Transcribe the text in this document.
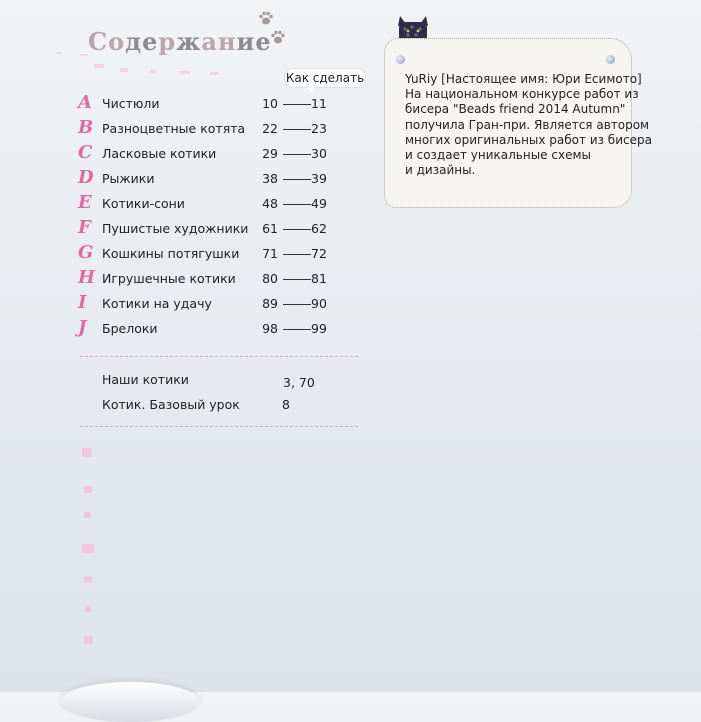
Содержание
Как сделать
A Чистюли	10	11
B Разноцветные котята	22	23
C Ласковые котики	29	30
D Рыжики	38	39
E Котики-сони	48	49
F Пушистые художники	61	62
G Кошкины потягушки	71	72
H Игрушечные котики	80	81
I	Котики на удачу	89	90
J	Брелоки	98	99
Наши котики	3, 70
Котик. Базовый урок	8
YuRiy [Настоящее имя: Юри Есимото]
На национальном конкурсе работ из
бисера "Beads friend 2014 Autumn"
получила Гран-при. Является автором
многих оригинальных работ из бисера
и создает уникальные схемы
и дизайны.
